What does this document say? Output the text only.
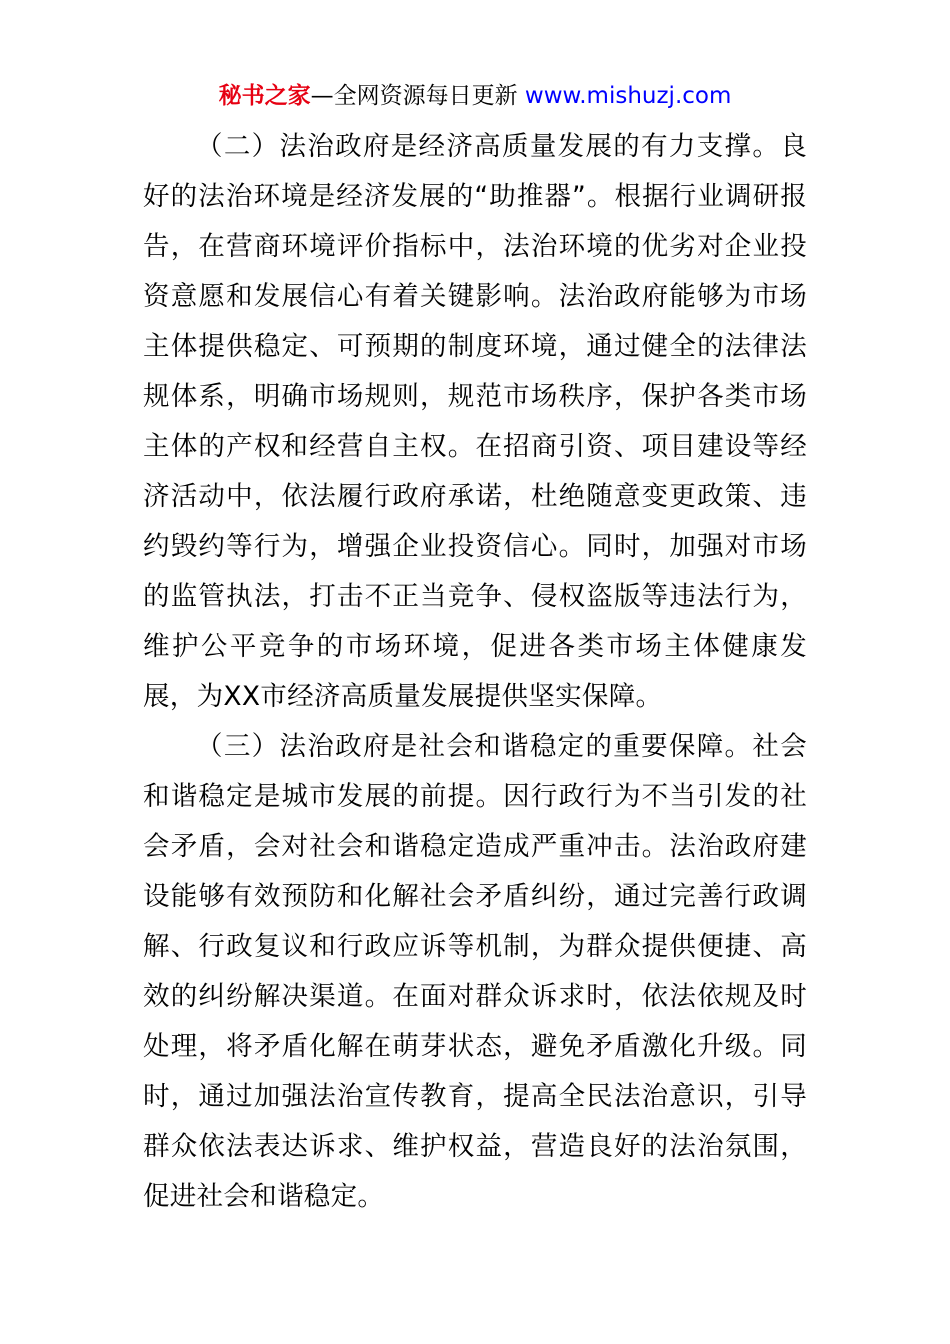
秘书之家—全网资源每日更新 www.mishuzj.com

（二）法治政府是经济高质量发展的有力支撑。良好的法治环境是经济发展的“助推器”。根据行业调研报告，在营商环境评价指标中，法治环境的优劣对企业投资意愿和发展信心有着关键影响。法治政府能够为市场主体提供稳定、可预期的制度环境，通过健全的法律法规体系，明确市场规则，规范市场秩序，保护各类市场主体的产权和经营自主权。在招商引资、项目建设等经济活动中，依法履行政府承诺，杜绝随意变更政策、违约毁约等行为，增强企业投资信心。同时，加强对市场的监管执法，打击不正当竞争、侵权盗版等违法行为，维护公平竞争的市场环境，促进各类市场主体健康发展，为XX市经济高质量发展提供坚实保障。

（三）法治政府是社会和谐稳定的重要保障。社会和谐稳定是城市发展的前提。因行政行为不当引发的社会矛盾，会对社会和谐稳定造成严重冲击。法治政府建设能够有效预防和化解社会矛盾纠纷，通过完善行政调解、行政复议和行政应诉等机制，为群众提供便捷、高效的纠纷解决渠道。在面对群众诉求时，依法依规及时处理，将矛盾化解在萌芽状态，避免矛盾激化升级。同时，通过加强法治宣传教育，提高全民法治意识，引导群众依法表达诉求、维护权益，营造良好的法治氛围，促进社会和谐稳定。
